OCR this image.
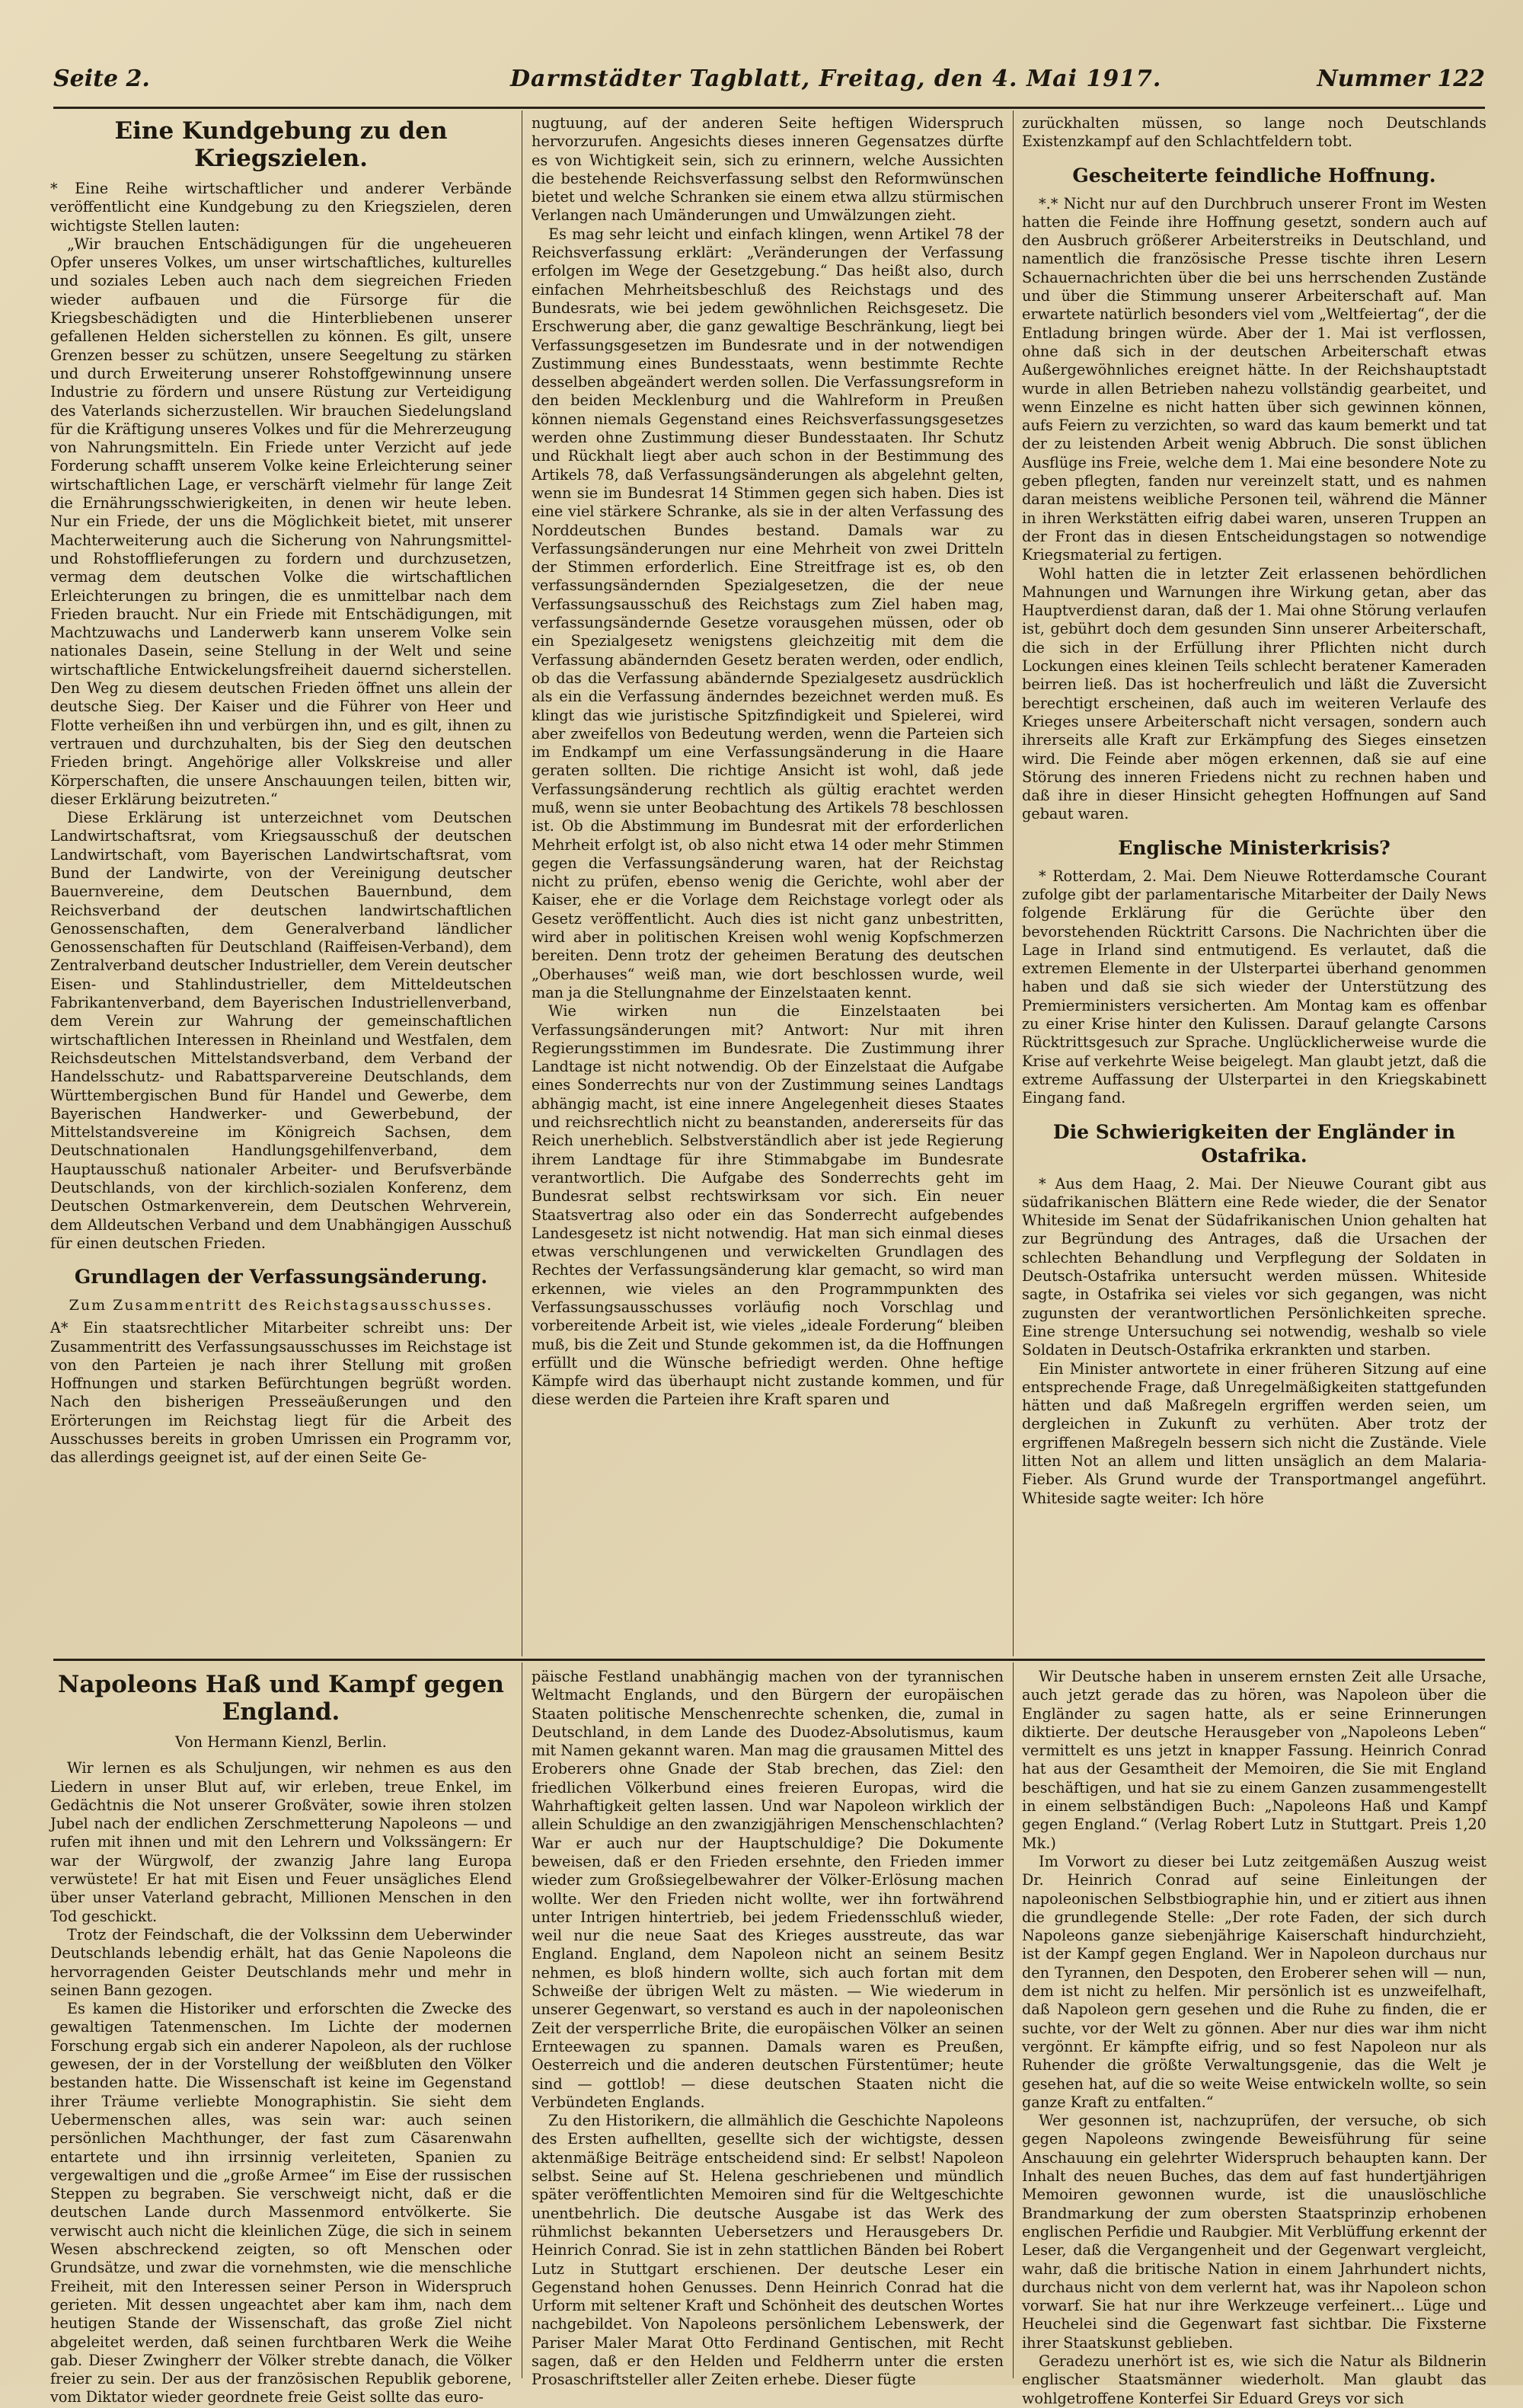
Seite 2.	Darmstädter Tagblatt, Freitag, den 4. Mai 1917.	Nummer 122
Eine Kundgebung zu den Kriegszielen.

* Eine Reihe wirtschaftlicher und anderer Verbände veröffentlicht eine Kundgebung zu den Kriegszielen, deren wichtigste Stellen lauten:

„Wir brauchen Entschädigungen für die ungeheueren Opfer unseres Volkes, um unser wirtschaftliches, kulturelles und soziales Leben auch nach dem siegreichen Frieden wieder aufbauen und die Fürsorge für die Kriegsbeschädigten und die Hinterbliebenen unserer gefallenen Helden sicherstellen zu können. Es gilt, unsere Grenzen besser zu schützen, unsere Seegeltung zu stärken und durch Erweiterung unserer Rohstoffgewinnung unsere Industrie zu fördern und unsere Rüstung zur Verteidigung des Vaterlands sicherzustellen. Wir brauchen Siedelungsland für die Kräftigung unseres Volkes und für die Mehrerzeugung von Nahrungsmitteln. Ein Friede unter Verzicht auf jede Forderung schafft unserem Volke keine Erleichterung seiner wirtschaftlichen Lage, er verschärft vielmehr für lange Zeit die Ernährungsschwierigkeiten, in denen wir heute leben. Nur ein Friede, der uns die Möglichkeit bietet, mit unserer Machterweiterung auch die Sicherung von Nahrungsmittel- und Rohstofflieferungen zu fordern und durchzusetzen, vermag dem deutschen Volke die wirtschaftlichen Erleichterungen zu bringen, die es unmittelbar nach dem Frieden braucht. Nur ein Friede mit Entschädigungen, mit Machtzuwachs und Landerwerb kann unserem Volke sein nationales Dasein, seine Stellung in der Welt und seine wirtschaftliche Entwickelungsfreiheit dauernd sicherstellen. Den Weg zu diesem deutschen Frieden öffnet uns allein der deutsche Sieg. Der Kaiser und die Führer von Heer und Flotte verheißen ihn und verbürgen ihn, und es gilt, ihnen zu vertrauen und durchzuhalten, bis der Sieg den deutschen Frieden bringt. Angehörige aller Volkskreise und aller Körperschaften, die unsere Anschauungen teilen, bitten wir, dieser Erklärung beizutreten.“

Diese Erklärung ist unterzeichnet vom Deutschen Landwirtschaftsrat, vom Kriegsausschuß der deutschen Landwirtschaft, vom Bayerischen Landwirtschaftsrat, vom Bund der Landwirte, von der Vereinigung deutscher Bauernvereine, dem Deutschen Bauernbund, dem Reichsverband der deutschen landwirtschaftlichen Genossenschaften, dem Generalverband ländlicher Genossenschaften für Deutschland (Raiffeisen-Verband), dem Zentralverband deutscher Industrieller, dem Verein deutscher Eisen- und Stahlindustrieller, dem Mitteldeutschen Fabrikantenverband, dem Bayerischen Industriellenverband, dem Verein zur Wahrung der gemeinschaftlichen wirtschaftlichen Interessen in Rheinland und Westfalen, dem Reichsdeutschen Mittelstandsverband, dem Verband der Handelsschutz- und Rabattsparvereine Deutschlands, dem Württembergischen Bund für Handel und Gewerbe, dem Bayerischen Handwerker- und Gewerbebund, der Mittelstandsvereine im Königreich Sachsen, dem Deutschnationalen Handlungsgehilfenverband, dem Hauptausschuß nationaler Arbeiter- und Berufsverbände Deutschlands, von der kirchlich-sozialen Konferenz, dem Deutschen Ostmarkenverein, dem Deutschen Wehrverein, dem Alldeutschen Verband und dem Unabhängigen Ausschuß für einen deutschen Frieden.

Grundlagen der Verfassungsänderung.
Zum Zusammentritt des Reichstagsausschusses.

A* Ein staatsrechtlicher Mitarbeiter schreibt uns: Der Zusammentritt des Verfassungsausschusses im Reichstage ist von den Parteien je nach ihrer Stellung mit großen Hoffnungen und starken Befürchtungen begrüßt worden. Nach den bisherigen Presseäußerungen und den Erörterungen im Reichstag liegt für die Arbeit des Ausschusses bereits in groben Umrissen ein Programm vor, das allerdings geeignet ist, auf der einen Seite Ge-

nugtuung, auf der anderen Seite heftigen Widerspruch hervorzurufen. Angesichts dieses inneren Gegensatzes dürfte es von Wichtigkeit sein, sich zu erinnern, welche Aussichten die bestehende Reichsverfassung selbst den Reformwünschen bietet und welche Schranken sie einem etwa allzu stürmischen Verlangen nach Umänderungen und Umwälzungen zieht.

Es mag sehr leicht und einfach klingen, wenn Artikel 78 der Reichsverfassung erklärt: „Veränderungen der Verfassung erfolgen im Wege der Gesetzgebung.“ Das heißt also, durch einfachen Mehrheitsbeschluß des Reichstags und des Bundesrats, wie bei jedem gewöhnlichen Reichsgesetz. Die Erschwerung aber, die ganz gewaltige Beschränkung, liegt bei Verfassungsgesetzen im Bundesrate und in der notwendigen Zustimmung eines Bundesstaats, wenn bestimmte Rechte desselben abgeändert werden sollen. Die Verfassungsreform in den beiden Mecklenburg und die Wahlreform in Preußen können niemals Gegenstand eines Reichsverfassungsgesetzes werden ohne Zustimmung dieser Bundesstaaten. Ihr Schutz und Rückhalt liegt aber auch schon in der Bestimmung des Artikels 78, daß Verfassungsänderungen als abgelehnt gelten, wenn sie im Bundesrat 14 Stimmen gegen sich haben. Dies ist eine viel stärkere Schranke, als sie in der alten Verfassung des Norddeutschen Bundes bestand. Damals war zu Verfassungsänderungen nur eine Mehrheit von zwei Dritteln der Stimmen erforderlich. Eine Streitfrage ist es, ob den verfassungsändernden Spezialgesetzen, die der neue Verfassungsausschuß des Reichstags zum Ziel haben mag, verfassungsändernde Gesetze vorausgehen müssen, oder ob ein Spezialgesetz wenigstens gleichzeitig mit dem die Verfassung abändernden Gesetz beraten werden, oder endlich, ob das die Verfassung abändernde Spezialgesetz ausdrücklich als ein die Verfassung änderndes bezeichnet werden muß. Es klingt das wie juristische Spitzfindigkeit und Spielerei, wird aber zweifellos von Bedeutung werden, wenn die Parteien sich im Endkampf um eine Verfassungsänderung in die Haare geraten sollten. Die richtige Ansicht ist wohl, daß jede Verfassungsänderung rechtlich als gültig erachtet werden muß, wenn sie unter Beobachtung des Artikels 78 beschlossen ist. Ob die Abstimmung im Bundesrat mit der erforderlichen Mehrheit erfolgt ist, ob also nicht etwa 14 oder mehr Stimmen gegen die Verfassungsänderung waren, hat der Reichstag nicht zu prüfen, ebenso wenig die Gerichte, wohl aber der Kaiser, ehe er die Vorlage dem Reichstage vorlegt oder als Gesetz veröffentlicht. Auch dies ist nicht ganz unbestritten, wird aber in politischen Kreisen wohl wenig Kopfschmerzen bereiten. Denn trotz der geheimen Beratung des deutschen „Oberhauses“ weiß man, wie dort beschlossen wurde, weil man ja die Stellungnahme der Einzelstaaten kennt.

Wie wirken nun die Einzelstaaten bei Verfassungsänderungen mit? Antwort: Nur mit ihren Regierungsstimmen im Bundesrate. Die Zustimmung ihrer Landtage ist nicht notwendig. Ob der Einzelstaat die Aufgabe eines Sonderrechts nur von der Zustimmung seines Landtags abhängig macht, ist eine innere Angelegenheit dieses Staates und reichsrechtlich nicht zu beanstanden, andererseits für das Reich unerheblich. Selbstverständlich aber ist jede Regierung ihrem Landtage für ihre Stimmabgabe im Bundesrate verantwortlich. Die Aufgabe des Sonderrechts geht im Bundesrat selbst rechtswirksam vor sich. Ein neuer Staatsvertrag also oder ein das Sonderrecht aufgebendes Landesgesetz ist nicht notwendig. Hat man sich einmal dieses etwas verschlungenen und verwickelten Grundlagen des Rechtes der Verfassungsänderung klar gemacht, so wird man erkennen, wie vieles an den Programmpunkten des Verfassungsausschusses vorläufig noch Vorschlag und vorbereitende Arbeit ist, wie vieles „ideale Forderung“ bleiben muß, bis die Zeit und Stunde gekommen ist, da die Hoffnungen erfüllt und die Wünsche befriedigt werden. Ohne heftige Kämpfe wird das überhaupt nicht zustande kommen, und für diese werden die Parteien ihre Kraft sparen und

zurückhalten müssen, so lange noch Deutschlands Existenzkampf auf den Schlachtfeldern tobt.

Gescheiterte feindliche Hoffnung.

*.* Nicht nur auf den Durchbruch unserer Front im Westen hatten die Feinde ihre Hoffnung gesetzt, sondern auch auf den Ausbruch größerer Arbeiterstreiks in Deutschland, und namentlich die französische Presse tischte ihren Lesern Schauernachrichten über die bei uns herrschenden Zustände und über die Stimmung unserer Arbeiterschaft auf. Man erwartete natürlich besonders viel vom „Weltfeiertag“, der die Entladung bringen würde. Aber der 1. Mai ist verflossen, ohne daß sich in der deutschen Arbeiterschaft etwas Außergewöhnliches ereignet hätte. In der Reichshauptstadt wurde in allen Betrieben nahezu vollständig gearbeitet, und wenn Einzelne es nicht hatten über sich gewinnen können, aufs Feiern zu verzichten, so ward das kaum bemerkt und tat der zu leistenden Arbeit wenig Abbruch. Die sonst üblichen Ausflüge ins Freie, welche dem 1. Mai eine besondere Note zu geben pflegten, fanden nur vereinzelt statt, und es nahmen daran meistens weibliche Personen teil, während die Männer in ihren Werkstätten eifrig dabei waren, unseren Truppen an der Front das in diesen Entscheidungstagen so notwendige Kriegsmaterial zu fertigen.

Wohl hatten die in letzter Zeit erlassenen behördlichen Mahnungen und Warnungen ihre Wirkung getan, aber das Hauptverdienst daran, daß der 1. Mai ohne Störung verlaufen ist, gebührt doch dem gesunden Sinn unserer Arbeiterschaft, die sich in der Erfüllung ihrer Pflichten nicht durch Lockungen eines kleinen Teils schlecht beratener Kameraden beirren ließ. Das ist hocherfreulich und läßt die Zuversicht berechtigt erscheinen, daß auch im weiteren Verlaufe des Krieges unsere Arbeiterschaft nicht versagen, sondern auch ihrerseits alle Kraft zur Erkämpfung des Sieges einsetzen wird. Die Feinde aber mögen erkennen, daß sie auf eine Störung des inneren Friedens nicht zu rechnen haben und daß ihre in dieser Hinsicht gehegten Hoffnungen auf Sand gebaut waren.

Englische Ministerkrisis?

* Rotterdam, 2. Mai. Dem Nieuwe Rotterdamsche Courant zufolge gibt der parlamentarische Mitarbeiter der Daily News folgende Erklärung für die Gerüchte über den bevorstehenden Rücktritt Carsons. Die Nachrichten über die Lage in Irland sind entmutigend. Es verlautet, daß die extremen Elemente in der Ulsterpartei überhand genommen haben und daß sie sich wieder der Unterstützung des Premierministers versicherten. Am Montag kam es offenbar zu einer Krise hinter den Kulissen. Darauf gelangte Carsons Rücktrittsgesuch zur Sprache. Unglücklicherweise wurde die Krise auf verkehrte Weise beigelegt. Man glaubt jetzt, daß die extreme Auffassung der Ulsterpartei in den Kriegskabinett Eingang fand.

Die Schwierigkeiten der Engländer in Ostafrika.

* Aus dem Haag, 2. Mai. Der Nieuwe Courant gibt aus südafrikanischen Blättern eine Rede wieder, die der Senator Whiteside im Senat der Südafrikanischen Union gehalten hat zur Begründung des Antrages, daß die Ursachen der schlechten Behandlung und Verpflegung der Soldaten in Deutsch-Ostafrika untersucht werden müssen. Whiteside sagte, in Ostafrika sei vieles vor sich gegangen, was nicht zugunsten der verantwortlichen Persönlichkeiten spreche. Eine strenge Untersuchung sei notwendig, weshalb so viele Soldaten in Deutsch-Ostafrika erkrankten und starben.

Ein Minister antwortete in einer früheren Sitzung auf eine entsprechende Frage, daß Unregelmäßigkeiten stattgefunden hätten und daß Maßregeln ergriffen werden seien, um dergleichen in Zukunft zu verhüten. Aber trotz der ergriffenen Maßregeln bessern sich nicht die Zustände. Viele litten Not an allem und litten unsäglich an dem Malaria-Fieber. Als Grund wurde der Transportmangel angeführt. Whiteside sagte weiter: Ich höre

Napoleons Haß und Kampf gegen England.
Von Hermann Kienzl, Berlin.

Wir lernen es als Schuljungen, wir nehmen es aus den Liedern in unser Blut auf, wir erleben, treue Enkel, im Gedächtnis die Not unserer Großväter, sowie ihren stolzen Jubel nach der endlichen Zerschmetterung Napoleons — und rufen mit ihnen und mit den Lehrern und Volkssängern: Er war der Würgwolf, der zwanzig Jahre lang Europa verwüstete! Er hat mit Eisen und Feuer unsägliches Elend über unser Vaterland gebracht, Millionen Menschen in den Tod geschickt.

Trotz der Feindschaft, die der Volkssinn dem Ueberwinder Deutschlands lebendig erhält, hat das Genie Napoleons die hervorragenden Geister Deutschlands mehr und mehr in seinen Bann gezogen.

Es kamen die Historiker und erforschten die Zwecke des gewaltigen Tatenmenschen. Im Lichte der modernen Forschung ergab sich ein anderer Napoleon, als der ruchlose gewesen, der in der Vorstellung der weißbluten den Völker bestanden hatte. Die Wissenschaft ist keine im Gegenstand ihrer Träume verliebte Monographistin. Sie sieht dem Uebermenschen alles, was sein war: auch seinen persönlichen Machthunger, der fast zum Cäsarenwahn entartete und ihn irrsinnig verleiteten, Spanien zu vergewaltigen und die „große Armee“ im Eise der russischen Steppen zu begraben. Sie verschweigt nicht, daß er die deutschen Lande durch Massenmord entvölkerte. Sie verwischt auch nicht die kleinlichen Züge, die sich in seinem Wesen abschreckend zeigten, so oft Menschen oder Grundsätze, und zwar die vornehmsten, wie die menschliche Freiheit, mit den Interessen seiner Person in Widerspruch gerieten. Mit dessen ungeachtet aber kam ihm, nach dem heutigen Stande der Wissenschaft, das große Ziel nicht abgeleitet werden, daß seinen furchtbaren Werk die Weihe gab. Dieser Zwingherr der Völker strebte danach, die Völker freier zu sein. Der aus der französischen Republik geborene, vom Diktator wieder geordnete freie Geist sollte das euro-

päische Festland unabhängig machen von der tyrannischen Weltmacht Englands, und den Bürgern der europäischen Staaten politische Menschenrechte schenken, die, zumal in Deutschland, in dem Lande des Duodez-Absolutismus, kaum mit Namen gekannt waren. Man mag die grausamen Mittel des Eroberers ohne Gnade der Stab brechen, das Ziel: den friedlichen Völkerbund eines freieren Europas, wird die Wahrhaftigkeit gelten lassen. Und war Napoleon wirklich der allein Schuldige an den zwanzigjährigen Menschenschlachten? War er auch nur der Hauptschuldige? Die Dokumente beweisen, daß er den Frieden ersehnte, den Frieden immer wieder zum Großsiegelbewahrer der Völker-Erlösung machen wollte. Wer den Frieden nicht wollte, wer ihn fortwährend unter Intrigen hintertrieb, bei jedem Friedensschluß wieder, weil nur die neue Saat des Krieges ausstreute, das war England. England, dem Napoleon nicht an seinem Besitz nehmen, es bloß hindern wollte, sich auch fortan mit dem Schweiße der übrigen Welt zu mästen. — Wie wiederum in unserer Gegenwart, so verstand es auch in der napoleonischen Zeit der versperrliche Brite, die europäischen Völker an seinen Ernteewagen zu spannen. Damals waren es Preußen, Oesterreich und die anderen deutschen Fürstentümer; heute sind — gottlob! — diese deutschen Staaten nicht die Verbündeten Englands.

Zu den Historikern, die allmählich die Geschichte Napoleons des Ersten aufhellten, gesellte sich der wichtigste, dessen aktenmäßige Beiträge entscheidend sind: Er selbst! Napoleon selbst. Seine auf St. Helena geschriebenen und mündlich später veröffentlichten Memoiren sind für die Weltgeschichte unentbehrlich. Die deutsche Ausgabe ist das Werk des rühmlichst bekannten Uebersetzers und Herausgebers Dr. Heinrich Conrad. Sie ist in zehn stattlichen Bänden bei Robert Lutz in Stuttgart erschienen. Der deutsche Leser ein Gegenstand hohen Genusses. Denn Heinrich Conrad hat die Urform mit seltener Kraft und Schönheit des deutschen Wortes nachgebildet. Von Napoleons persönlichem Lebenswerk, der Pariser Maler Marat Otto Ferdinand Gentischen, mit Recht sagen, daß er den Helden und Feldherrn unter die ersten Prosaschriftsteller aller Zeiten erhebe. Dieser fügte

Wir Deutsche haben in unserem ernsten Zeit alle Ursache, auch jetzt gerade das zu hören, was Napoleon über die Engländer zu sagen hatte, als er seine Erinnerungen diktierte. Der deutsche Herausgeber von „Napoleons Leben“ vermittelt es uns jetzt in knapper Fassung. Heinrich Conrad hat aus der Gesamtheit der Memoiren, die Sie mit England beschäftigen, und hat sie zu einem Ganzen zusammengestellt in einem selbständigen Buch: „Napoleons Haß und Kampf gegen England.“ (Verlag Robert Lutz in Stuttgart. Preis 1,20 Mk.)

Im Vorwort zu dieser bei Lutz zeitgemäßen Auszug weist Dr. Heinrich Conrad auf seine Einleitungen der napoleonischen Selbstbiographie hin, und er zitiert aus ihnen die grundlegende Stelle: „Der rote Faden, der sich durch Napoleons ganze siebenjährige Kaiserschaft hindurchzieht, ist der Kampf gegen England. Wer in Napoleon durchaus nur den Tyrannen, den Despoten, den Eroberer sehen will — nun, dem ist nicht zu helfen. Mir persönlich ist es unzweifelhaft, daß Napoleon gern gesehen und die Ruhe zu finden, die er suchte, vor der Welt zu gönnen. Aber nur dies war ihm nicht vergönnt. Er kämpfte eifrig, und so fest Napoleon nur als Ruhender die größte Verwaltungsgenie, das die Welt je gesehen hat, auf die so weite Weise entwickeln wollte, so sein ganze Kraft zu entfalten.“

Wer gesonnen ist, nachzuprüfen, der versuche, ob sich gegen Napoleons zwingende Beweisführung für seine Anschauung ein gelehrter Widerspruch behaupten kann. Der Inhalt des neuen Buches, das dem auf fast hundertjährigen Memoiren gewonnen wurde, ist die unauslöschliche Brandmarkung der zum obersten Staatsprinzip erhobenen englischen Perfidie und Raubgier. Mit Verblüffung erkennt der Leser, daß die Vergangenheit und der Gegenwart vergleicht, wahr, daß die britische Nation in einem Jahrhundert nichts, durchaus nicht von dem verlernt hat, was ihr Napoleon schon vorwarf. Sie hat nur ihre Werkzeuge verfeinert... Lüge und Heuchelei sind die Gegenwart fast sichtbar. Die Fixsterne ihrer Staatskunst geblieben.

Geradezu unerhört ist es, wie sich die Natur als Bildnerin englischer Staatsmänner wiederholt. Man glaubt das wohlgetroffene Konterfei Sir Eduard Greys vor sich
